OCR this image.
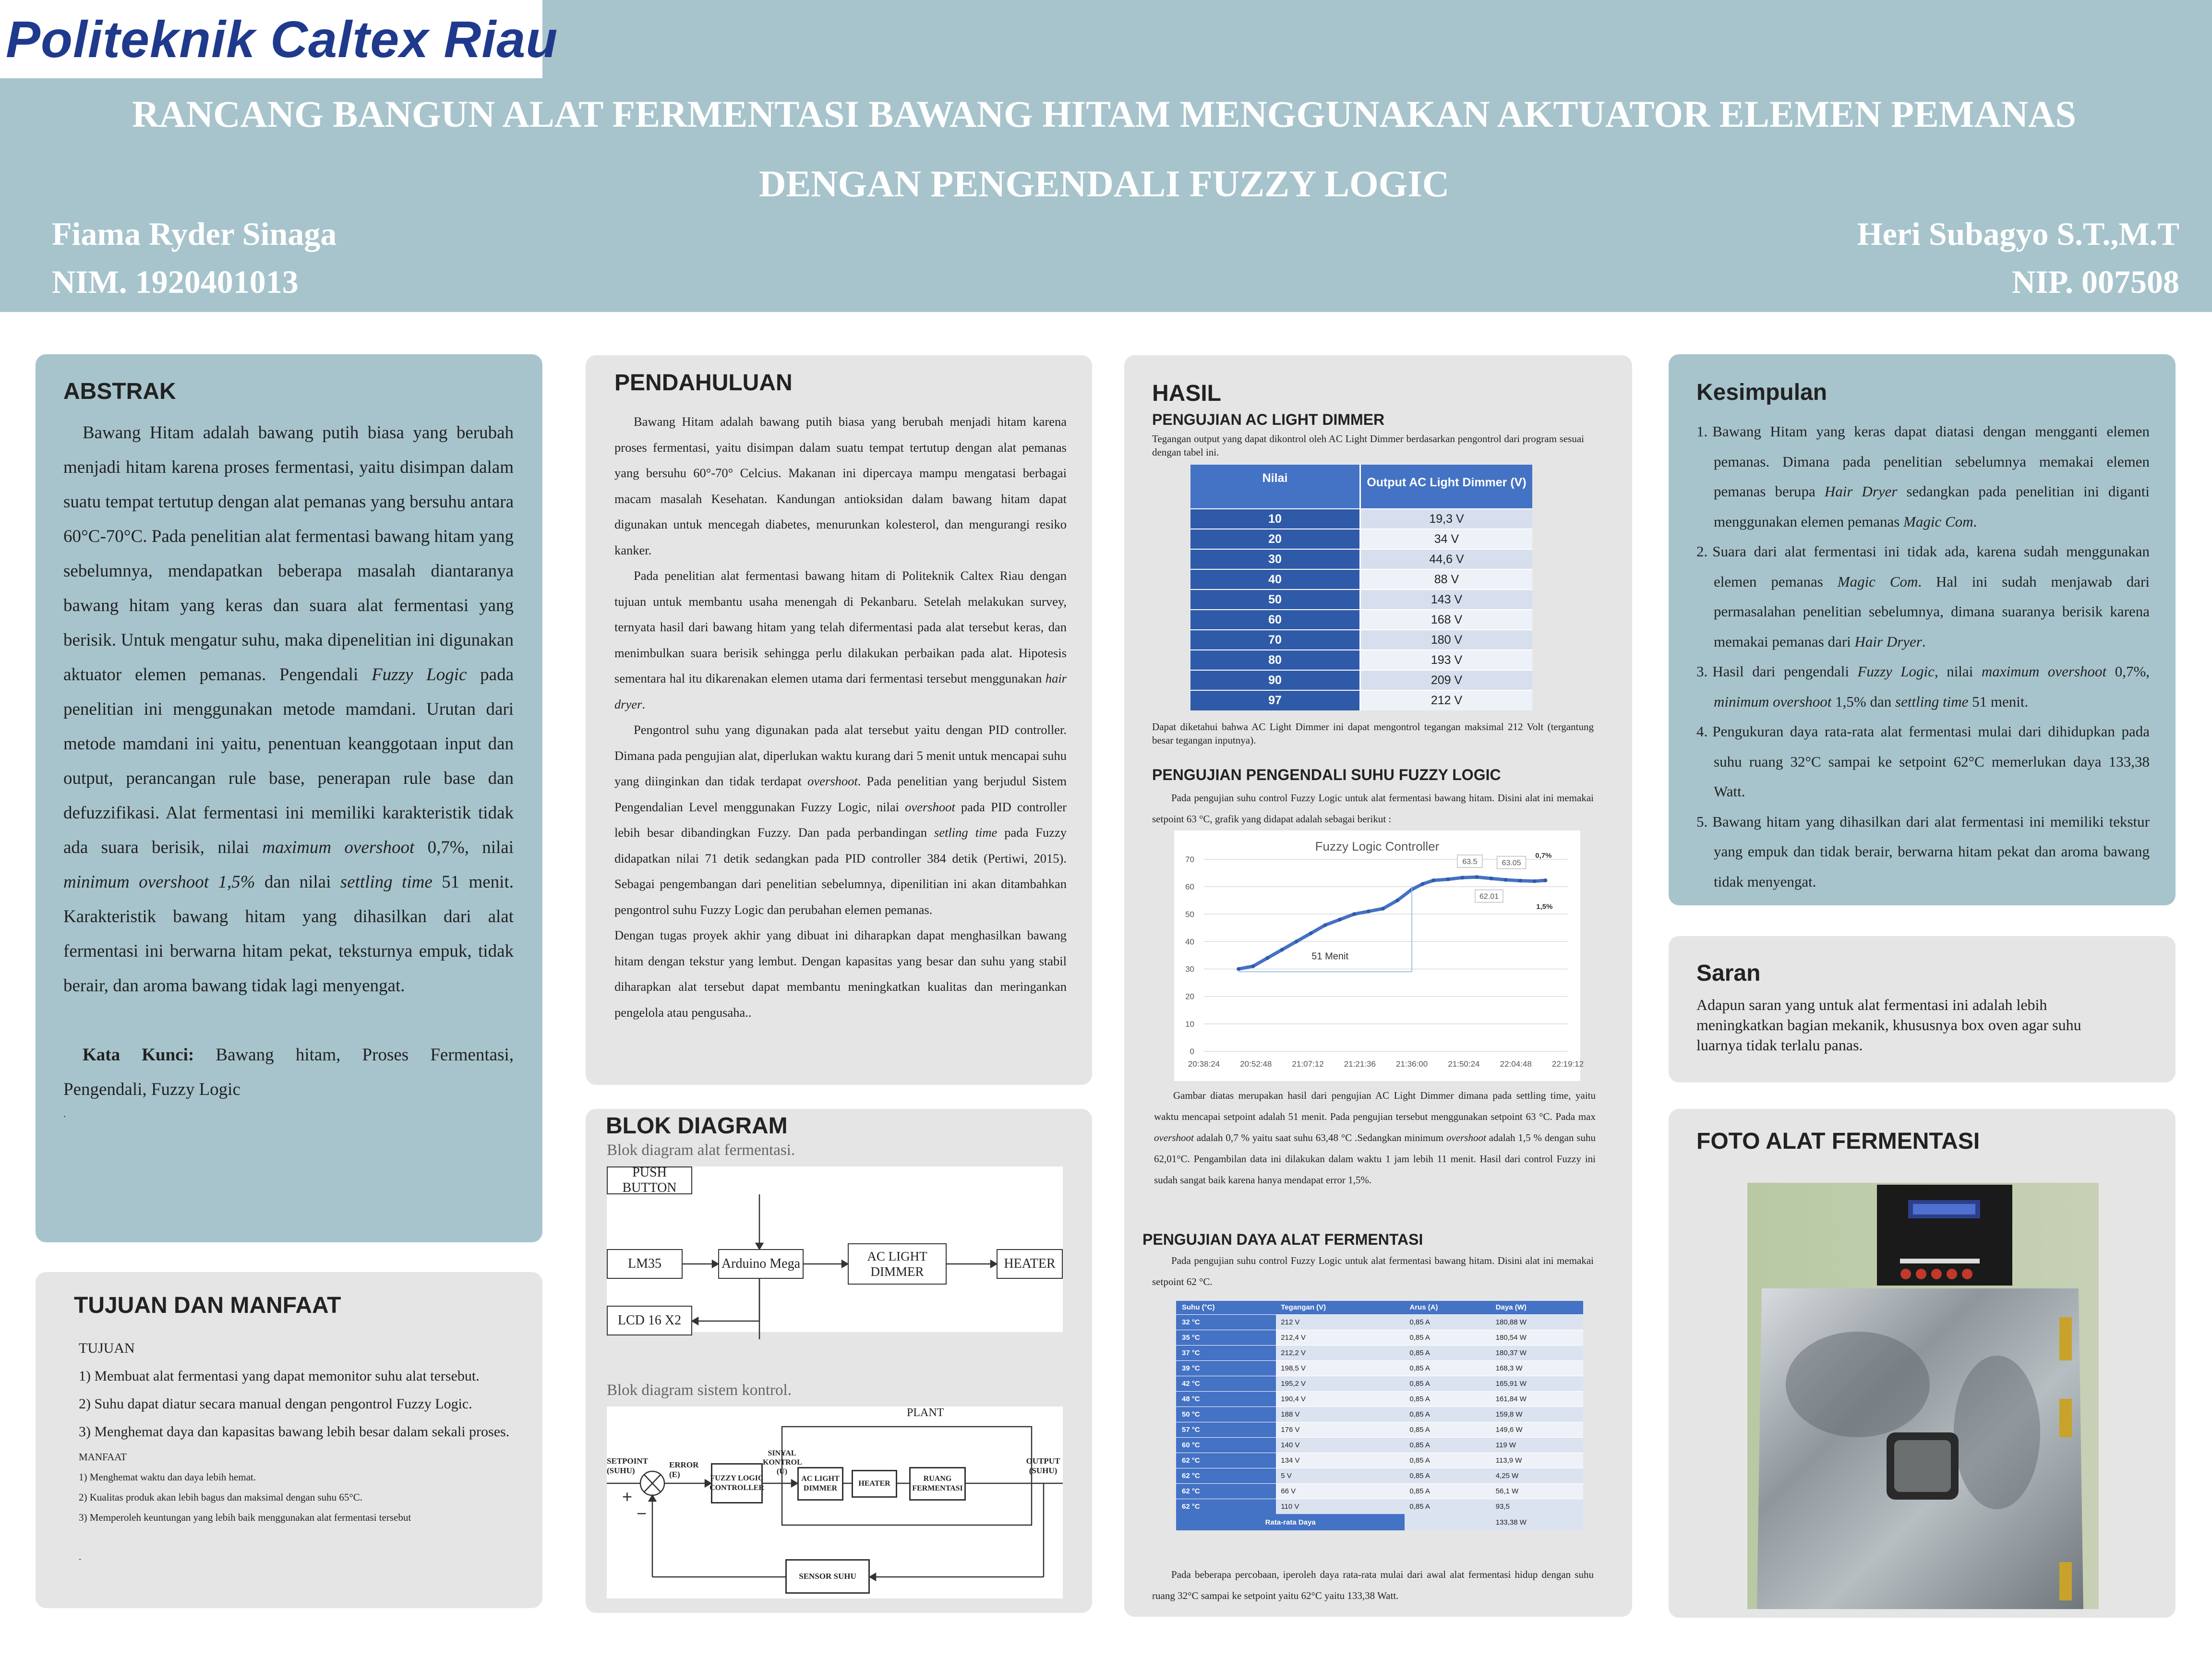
Politeknik Caltex Riau
RANCANG BANGUN ALAT FERMENTASI BAWANG HITAM MENGGUNAKAN AKTUATOR ELEMEN PEMANAS
DENGAN PENGENDALI FUZZY LOGIC
Fiama Ryder Sinaga
NIM. 1920401013
Heri Subagyo S.T.,M.T
NIP. 007508
ABSTRAK

Bawang Hitam adalah bawang putih biasa yang berubah menjadi hitam karena proses fermentasi, yaitu disimpan dalam suatu tempat tertutup dengan alat pemanas yang bersuhu antara 60°C-70°C. Pada penelitian alat fermentasi bawang hitam yang sebelumnya, mendapatkan beberapa masalah diantaranya bawang hitam yang keras dan suara alat fermentasi yang berisik. Untuk mengatur suhu, maka dipenelitian ini digunakan aktuator elemen pemanas. Pengendali Fuzzy Logic pada penelitian ini menggunakan metode mamdani. Urutan dari metode mamdani ini yaitu, penentuan keanggotaan input dan output, perancangan rule base, penerapan rule base dan defuzzifikasi. Alat fermentasi ini memiliki karakteristik tidak ada suara berisik, nilai maximum overshoot 0,7%, nilai minimum overshoot 1,5% dan nilai settling time 51 menit. Karakteristik bawang hitam yang dihasilkan dari alat fermentasi ini berwarna hitam pekat, teksturnya empuk, tidak berair, dan aroma bawang tidak lagi menyengat.

Kata Kunci: Bawang hitam, Proses Fermentasi, Pengendali, Fuzzy Logic

.

TUJUAN DAN MANFAAT

TUJUAN

1) Membuat alat fermentasi yang dapat memonitor suhu alat tersebut.

2) Suhu dapat diatur secara manual dengan pengontrol Fuzzy Logic.

3) Menghemat daya dan kapasitas bawang lebih besar dalam sekali proses.

MANFAAT

1) Menghemat waktu dan daya lebih hemat.

2) Kualitas produk akan lebih bagus dan maksimal dengan suhu 65°C.

3) Memperoleh keuntungan yang lebih baik menggunakan alat fermentasi tersebut

.

PENDAHULUAN

Bawang Hitam adalah bawang putih biasa yang berubah menjadi hitam karena proses fermentasi, yaitu disimpan dalam suatu tempat tertutup dengan alat pemanas yang bersuhu 60°-70° Celcius. Makanan ini dipercaya mampu mengatasi berbagai macam masalah Kesehatan. Kandungan antioksidan dalam bawang hitam dapat digunakan untuk mencegah diabetes, menurunkan kolesterol, dan mengurangi resiko kanker.

Pada penelitian alat fermentasi bawang hitam di Politeknik Caltex Riau dengan tujuan untuk membantu usaha menengah di Pekanbaru. Setelah melakukan survey, ternyata hasil dari bawang hitam yang telah difermentasi pada alat tersebut keras, dan menimbulkan suara berisik sehingga perlu dilakukan perbaikan pada alat. Hipotesis sementara hal itu dikarenakan elemen utama dari fermentasi tersebut menggunakan hair dryer.

Pengontrol suhu yang digunakan pada alat tersebut yaitu dengan PID controller. Dimana pada pengujian alat, diperlukan waktu kurang dari 5 menit untuk mencapai suhu yang diinginkan dan tidak terdapat overshoot. Pada penelitian yang berjudul Sistem Pengendalian Level menggunakan Fuzzy Logic, nilai overshoot pada PID controller lebih besar dibandingkan Fuzzy. Dan pada perbandingan setling time pada Fuzzy didapatkan nilai 71 detik sedangkan pada PID controller 384 detik (Pertiwi, 2015). Sebagai pengembangan dari penelitian sebelumnya, dipenilitian ini akan ditambahkan pengontrol suhu Fuzzy Logic dan perubahan elemen pemanas.

Dengan tugas proyek akhir yang dibuat ini diharapkan dapat menghasilkan bawang hitam dengan tekstur yang lembut. Dengan kapasitas yang besar dan suhu yang stabil diharapkan alat tersebut dapat membantu meningkatkan kualitas dan meringankan pengelola atau pengusaha..

BLOK DIAGRAM
Blok diagram alat fermentasi.
PUSH BUTTON
LM35	Arduino Mega	AC LIGHT DIMMER
HEATER
LCD 16 X2
Blok diagram sistem kontrol.
+
−
PLANT
SETPOINT (SUHU)
ERROR (E)	FUZZY LOGIC CONTROLLER
SINYAL KONTROL (U)
AC LIGHT DIMMER
HEATER
RUANG FERMENTASI
OUTPUT (SUHU)
SENSOR SUHU
HASIL
PENGUJIAN AC LIGHT DIMMER
Tegangan output yang dapat dikontrol oleh AC Light Dimmer berdasarkan pengontrol dari program sesuai dengan tabel ini.
Nilai	Output AC Light Dimmer (V)
10	19,3 V
20	34 V
30	44,6 V
40	88 V
50	143 V
60	168 V
70	180 V
80	193 V
90	209 V
97	212 V
Dapat diketahui bahwa AC Light Dimmer ini dapat mengontrol tegangan maksimal 212 Volt (tergantung besar tegangan inputnya).
PENGUJIAN PENGENDALI SUHU FUZZY LOGIC
Pada pengujian suhu control Fuzzy Logic untuk alat fermentasi bawang hitam. Disini alat ini memakai setpoint 63 °C, grafik yang didapat adalah sebagai berikut :
Fuzzy Logic Controller
0
10
20
30
40
50
60
70
20:38:24 20:52:48 21:07:12 21:21:36 21:36:00 21:50:24 22:04:48 22:19:12
63.5	63.05
62.01
0,7%
1,5%
51 Menit
Gambar diatas merupakan hasil dari pengujian AC Light Dimmer dimana pada settling time, yaitu waktu mencapai setpoint adalah 51 menit. Pada pengujian tersebut menggunakan setpoint 63 °C. Pada max overshoot adalah 0,7 % yaitu saat suhu 63,48 °C .Sedangkan minimum overshoot adalah 1,5 % dengan suhu 62,01°C. Pengambilan data ini dilakukan dalam waktu 1 jam lebih 11 menit. Hasil dari control Fuzzy ini sudah sangat baik karena hanya mendapat error 1,5%.
PENGUJIAN DAYA ALAT FERMENTASI
Pada pengujian suhu control Fuzzy Logic untuk alat fermentasi bawang hitam. Disini alat ini memakai setpoint 62 °C.
Suhu (°C)	Tegangan (V)	Arus (A)	Daya (W)
32 °C	212 V	0,85 A	180,88 W
35 °C	212,4 V	0,85 A	180,54 W
37 °C	212,2 V	0,85 A	180,37 W
39 °C	198,5 V	0,85 A	168,3 W
42 °C	195,2 V	0,85 A	165,91 W
48 °C	190,4 V	0,85 A	161,84 W
50 °C	188 V	0,85 A	159,8 W
57 °C	176 V	0,85 A	149,6 W
60 °C	140 V	0,85 A	119 W
62 °C	134 V	0,85 A	113,9 W
62 °C	5 V	0,85 A	4,25 W
62 °C	66 V	0,85 A	56,1 W
62 °C	110 V	0,85 A	93,5
Rata-rata Daya			133,38 W
Pada beberapa percobaan, iperoleh daya rata-rata mulai dari awal alat fermentasi hidup dengan suhu ruang 32°C sampai ke setpoint yaitu 62°C yaitu 133,38 Watt.
Kesimpulan

1. Bawang Hitam yang keras dapat diatasi dengan mengganti elemen pemanas. Dimana pada penelitian sebelumnya memakai elemen pemanas berupa Hair Dryer sedangkan pada penelitian ini diganti menggunakan elemen pemanas Magic Com.

2. Suara dari alat fermentasi ini tidak ada, karena sudah menggunakan elemen pemanas Magic Com. Hal ini sudah menjawab dari permasalahan penelitian sebelumnya, dimana suaranya berisik karena memakai pemanas dari Hair Dryer.

3. Hasil dari pengendali Fuzzy Logic, nilai maximum overshoot 0,7%, minimum overshoot 1,5% dan settling time 51 menit.

4. Pengukuran daya rata-rata alat fermentasi mulai dari dihidupkan pada suhu ruang 32°C sampai ke setpoint 62°C memerlukan daya 133,38 Watt.

5. Bawang hitam yang dihasilkan dari alat fermentasi ini memiliki tekstur yang empuk dan tidak berair, berwarna hitam pekat dan aroma bawang tidak menyengat.

Saran
Adapun saran yang untuk alat fermentasi ini adalah lebih meningkatkan bagian mekanik, khususnya box oven agar suhu luarnya tidak terlalu panas.
FOTO ALAT FERMENTASI
